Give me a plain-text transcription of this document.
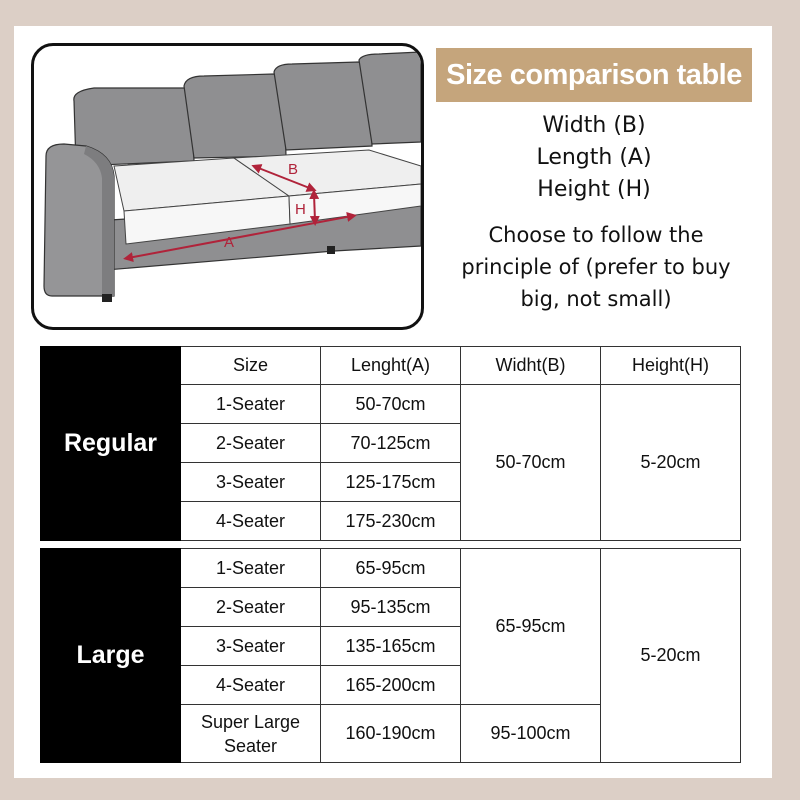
B
H
A
Size comparison table
Width (B)
Length (A)
Height (H)
Choose to follow the principle of (prefer to buy big, not small)
Regular	Size	Lenght(A)	Widht(B)	Height(H)
	1-Seater	50-70cm	50-70cm	5-20cm
	2-Seater	70-125cm		
	3-Seater	125-175cm		
	4-Seater	175-230cm		
Large	1-Seater	65-95cm	65-95cm	5-20cm
	2-Seater	95-135cm		
	3-Seater	135-165cm		
	4-Seater	165-200cm		
	Super Large Seater	160-190cm	95-100cm	
